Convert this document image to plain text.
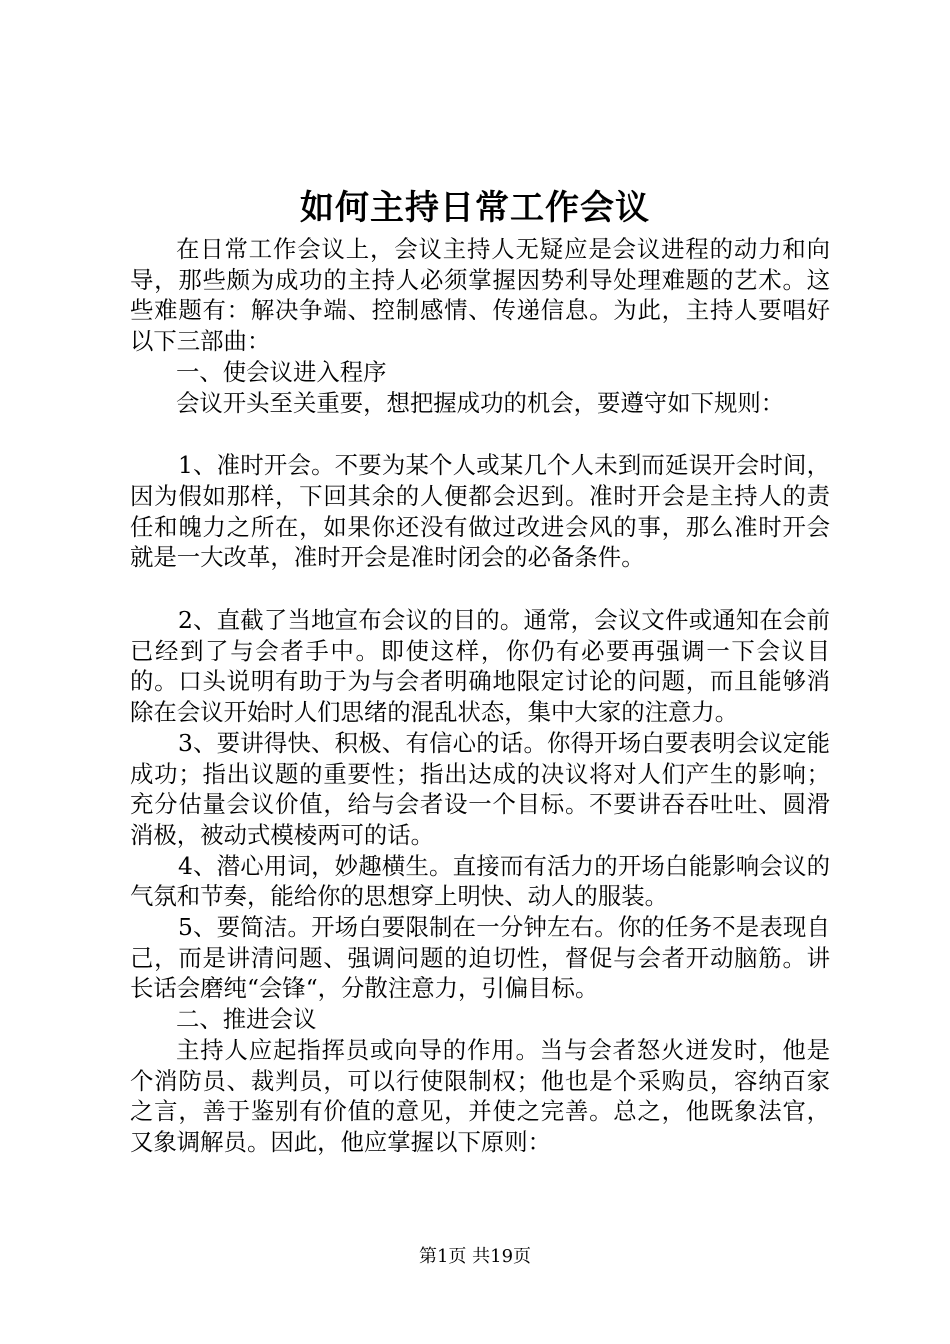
如何主持日常工作会议

在日常工作会议上，会议主持人无疑应是会议进程的动力和向导，那些颇为成功的主持人必须掌握因势利导处理难题的艺术。这些难题有：解决争端、控制感情、传递信息。为此，主持人要唱好以下三部曲：

一、使会议进入程序

会议开头至关重要，想把握成功的机会，要遵守如下规则：

1、准时开会。不要为某个人或某几个人未到而延误开会时间，因为假如那样，下回其余的人便都会迟到。准时开会是主持人的责任和魄力之所在，如果你还没有做过改进会风的事，那么准时开会就是一大改革，准时开会是准时闭会的必备条件。

2、直截了当地宣布会议的目的。通常，会议文件或通知在会前已经到了与会者手中。即使这样，你仍有必要再强调一下会议目的。口头说明有助于为与会者明确地限定讨论的问题，而且能够消除在会议开始时人们思绪的混乱状态，集中大家的注意力。

3、要讲得快、积极、有信心的话。你得开场白要表明会议定能成功；指出议题的重要性；指出达成的决议将对人们产生的影响；充分估量会议价值，给与会者设一个目标。不要讲吞吞吐吐、圆滑消极，被动式模棱两可的话。

4、潜心用词，妙趣横生。直接而有活力的开场白能影响会议的气氛和节奏，能给你的思想穿上明快、动人的服装。

5、要简洁。开场白要限制在一分钟左右。你的任务不是表现自己，而是讲清问题、强调问题的迫切性，督促与会者开动脑筋。讲长话会磨纯“会锋“，分散注意力，引偏目标。

二、推进会议

主持人应起指挥员或向导的作用。当与会者怒火迸发时，他是个消防员、裁判员，可以行使限制权；他也是个采购员，容纳百家之言，善于鉴别有价值的意见，并使之完善。总之，他既象法官，又象调解员。因此，他应掌握以下原则：

第1页 共19页
